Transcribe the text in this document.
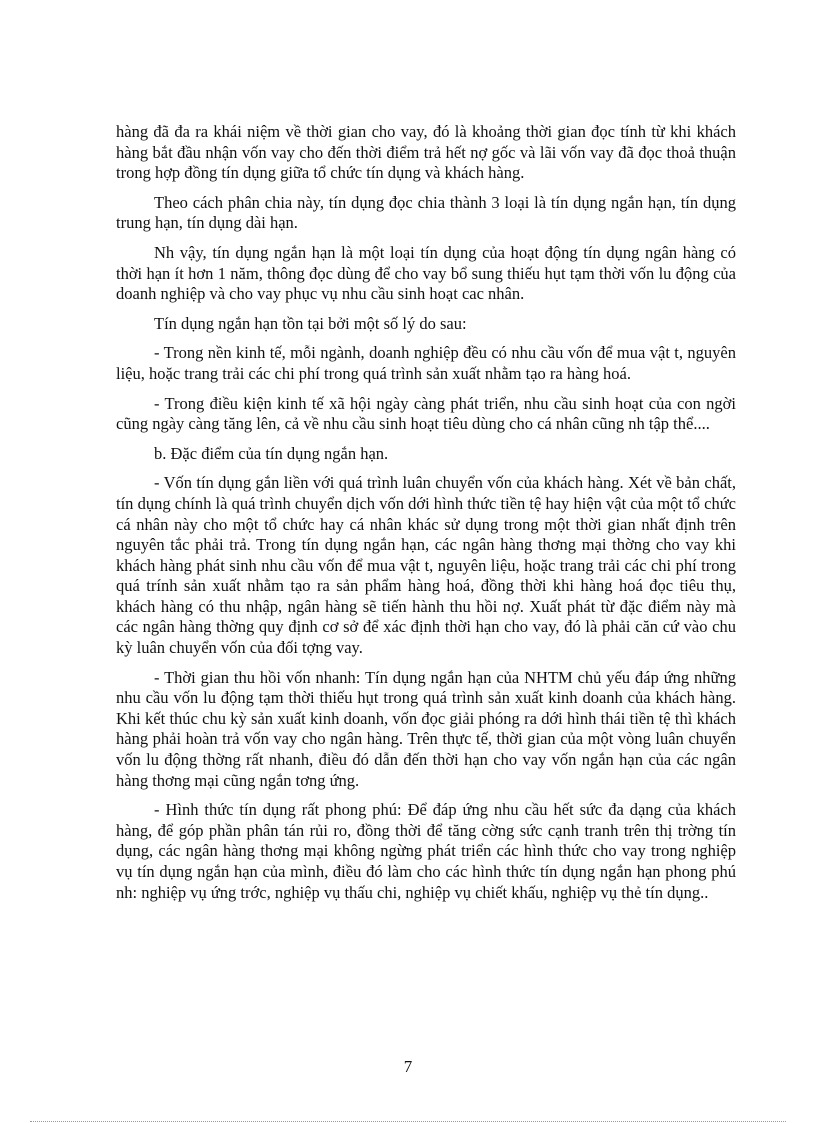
hàng đã đa ra khái niệm về thời gian cho vay, đó là khoảng thời gian đọc tính từ khi khách hàng bắt đầu nhận vốn vay cho đến thời điểm trả hết nợ gốc và lãi vốn vay đã đọc thoả thuận trong hợp đồng tín dụng giữa tổ chức tín dụng và khách hàng.

Theo cách phân chia này, tín dụng đọc chia thành 3 loại là tín dụng ngắn hạn, tín dụng trung hạn, tín dụng dài hạn.

Nh vậy, tín dụng ngắn hạn là một loại tín dụng của hoạt động tín dụng ngân hàng có thời hạn ít hơn 1 năm, thông đọc dùng để cho vay bổ sung thiếu hụt tạm thời vốn lu động của doanh nghiệp và cho vay phục vụ nhu cầu sinh hoạt cac nhân.

Tín dụng ngắn hạn tồn tại bởi một số lý do sau:

- Trong nền kinh tế, mỗi ngành, doanh nghiệp đều có nhu cầu vốn để mua vật t, nguyên liệu, hoặc trang trải các chi phí trong quá trình sản xuất nhằm tạo ra hàng hoá.

- Trong điều kiện kinh tế xã hội ngày càng phát triển, nhu cầu sinh hoạt của con ngời cũng ngày càng tăng lên, cả về nhu cầu sinh hoạt tiêu dùng cho cá nhân cũng nh tập thể....

b. Đặc điểm của tín dụng ngắn hạn.

- Vốn tín dụng gắn liền với quá trình luân chuyển vốn của khách hàng. Xét về bản chất, tín dụng chính là quá trình chuyển dịch vốn dới hình thức tiền tệ hay hiện vật của một tổ chức cá nhân này cho một tổ chức hay cá nhân khác sử dụng trong một thời gian nhất định trên nguyên tắc phải trả. Trong tín dụng ngắn hạn, các ngân hàng thơng mại thờng cho vay khi khách hàng phát sinh nhu cầu vốn để mua vật t, nguyên liệu, hoặc trang trải các chi phí trong quá trính sản xuất nhằm tạo ra sản phẩm hàng hoá, đồng thời khi hàng hoá đọc tiêu thụ, khách hàng có thu nhập, ngân hàng sẽ tiến hành thu hồi nợ. Xuất phát từ đặc điểm này mà các ngân hàng thờng quy định cơ sở để xác định thời hạn cho vay, đó là phải căn cứ vào chu kỳ luân chuyển vốn của đối tợng vay.

- Thời gian thu hồi vốn nhanh: Tín dụng ngắn hạn của NHTM chủ yếu đáp ứng những nhu cầu vốn lu động tạm thời thiếu hụt trong quá trình sản xuất kinh doanh của khách hàng. Khi kết thúc chu kỳ sản xuất kinh doanh, vốn đọc giải phóng ra dới hình thái tiền tệ thì khách hàng phải hoàn trả vốn vay cho ngân hàng. Trên thực tế, thời gian của một vòng luân chuyển vốn lu động thờng rất nhanh, điều đó dẫn đến thời hạn cho vay vốn ngắn hạn của các ngân hàng thơng mại cũng ngắn tơng ứng.

- Hình thức tín dụng rất phong phú: Để đáp ứng nhu cầu hết sức đa dạng của khách hàng, để góp phần phân tán rủi ro, đồng thời để tăng cờng sức cạnh tranh trên thị trờng tín dụng, các ngân hàng thơng mại không ngừng phát triển các hình thức cho vay trong nghiệp vụ tín dụng ngắn hạn của mình, điều đó làm cho các hình thức tín dụng ngắn hạn phong phú nh: nghiệp vụ ứng trớc, nghiệp vụ thấu chi, nghiệp vụ chiết khấu, nghiệp vụ thẻ tín dụng..

7
